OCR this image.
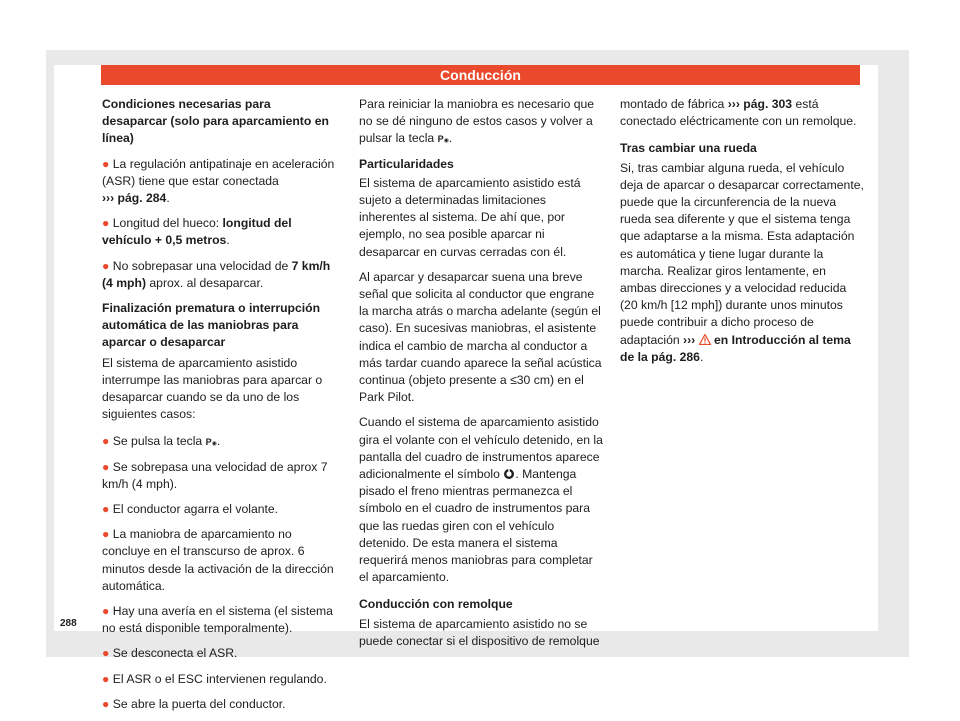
Conducción

Condiciones necesarias para desaparcar (solo para aparcamiento en línea)

● La regulación antipatinaje en aceleración (ASR) tiene que estar conectada
››› pág. 284.

● Longitud del hueco: longitud del vehículo + 0,5 metros.

● No sobrepasar una velocidad de 7 km/h (4 mph) aprox. al desaparcar.

Finalización prematura o interrupción automática de las maniobras para aparcar o desaparcar

El sistema de aparcamiento asistido interrumpe las maniobras para aparcar o desaparcar cuando se da uno de los siguientes casos:

● Se pulsa la tecla P◉.

● Se sobrepasa una velocidad de aprox 7 km/h (4 mph).

● El conductor agarra el volante.

● La maniobra de aparcamiento no concluye en el transcurso de aprox. 6 minutos desde la activación de la dirección automática.

● Hay una avería en el sistema (el sistema no está disponible temporalmente).

● Se desconecta el ASR.

● El ASR o el ESC intervienen regulando.

● Se abre la puerta del conductor.

Para reiniciar la maniobra es necesario que no se dé ninguno de estos casos y volver a pulsar la tecla P◉.

Particularidades

El sistema de aparcamiento asistido está sujeto a determinadas limitaciones inherentes al sistema. De ahí que, por ejemplo, no sea posible aparcar ni desaparcar en curvas cerradas con él.

Al aparcar y desaparcar suena una breve señal que solicita al conductor que engrane la marcha atrás o marcha adelante (según el caso). En sucesivas maniobras, el asistente indica el cambio de marcha al conductor a más tardar cuando aparece la señal acústica continua (objeto presente a ≤30 cm) en el Park Pilot.

Cuando el sistema de aparcamiento asistido gira el volante con el vehículo detenido, en la pantalla del cuadro de instrumentos aparece adicionalmente el símbolo . Mantenga pisado el freno mientras permanezca el símbolo en el cuadro de instrumentos para que las ruedas giren con el vehículo detenido. De esta manera el sistema requerirá menos maniobras para completar el aparcamiento.

Conducción con remolque

El sistema de aparcamiento asistido no se puede conectar si el dispositivo de remolque

montado de fábrica ››› pág. 303 está conectado eléctricamente con un remolque.

Tras cambiar una rueda

Si, tras cambiar alguna rueda, el vehículo deja de aparcar o desaparcar correctamente, puede que la circunferencia de la nueva rueda sea diferente y que el sistema tenga que adaptarse a la misma. Esta adaptación es automática y tiene lugar durante la marcha. Realizar giros lentamente, en ambas direcciones y a velocidad reducida (20 km/h [12 mph]) durante unos minutos puede contribuir a dicho proceso de adaptación ›››  en Introducción al tema de la pág. 286.

288
